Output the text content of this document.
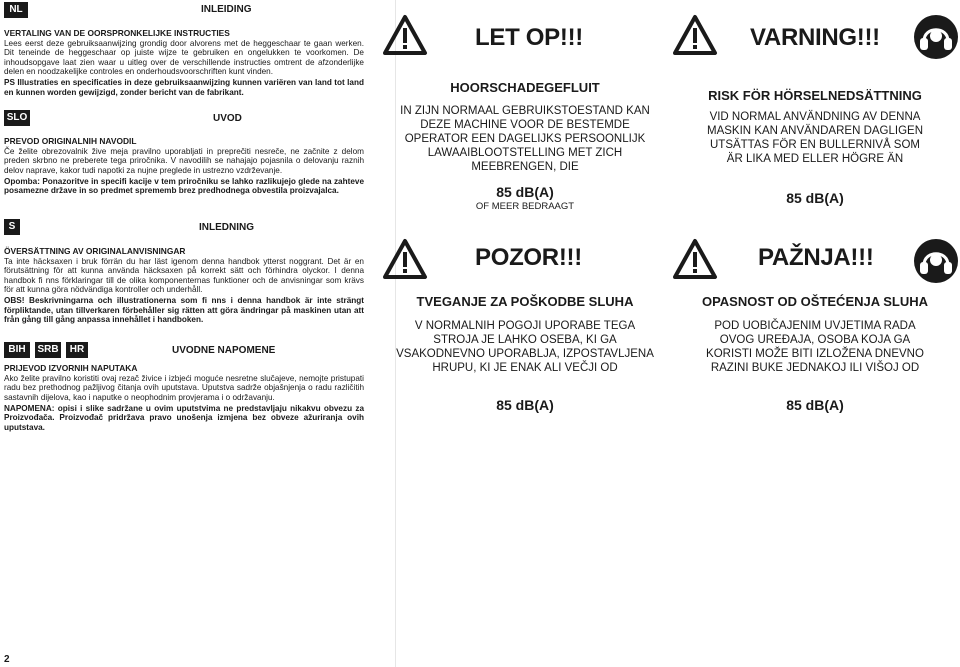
NL	INLEIDING
VERTALING VAN DE OORSPRONKELIJKE INSTRUCTIES

Lees eerst deze gebruiksaanwijzing grondig door alvorens met de heggeschaar te gaan werken. Dit teneinde de heggeschaar op juiste wijze te gebruiken en ongelukken te voorkomen. De inhoudsopgave laat zien waar u uitleg over de verschillende instructies omtrent de afzonderlijke delen en noodzakelijke controles en onderhoudsvoorschriften kunt vinden.

PS Illustraties en specificaties in deze gebruiksaanwijzing kunnen variëren van land tot land en kunnen worden gewijzigd, zonder bericht van de fabrikant.

SLO	UVOD
PREVOD ORIGINALNIH NAVODIL

Če želite obrezovalnik žive meja pravilno uporabljati in preprečiti nesreče, ne začnite z delom preden skrbno ne preberete tega priročnika. V navodilih se nahajajo pojasnila o delovanju raznih delov naprave, kakor tudi napotki za nujne preglede in ustrezno vzdrževanje.

Opomba: Ponazoritve in specifi kacije v tem priročniku se lahko razlikujejo glede na zahteve posamezne države in so predmet sprememb brez predhodnega obvestila proizvajalca.

S	INLEDNING
ÖVERSÄTTNING AV ORIGINALANVISNINGAR

Ta inte häcksaxen i bruk förrän du har läst igenom denna handbok ytterst noggrant. Det är en förutsättning för att kunna använda häcksaxen på korrekt sätt och förhindra olyckor. I denna handbok fi nns förklaringar till de olika komponenternas funktioner och de anvisningar som krävs för att kunna göra nödvändiga kontroller och underhåll.

OBS! Beskrivningarna och illustrationerna som fi nns i denna handbok är inte strängt förpliktande, utan tillverkaren förbehåller sig rätten att göra ändringar på maskinen utan att från gång till gång anpassa innehållet i handboken.

BIH	SRB	HR	UVODNE NAPOMENE
PRIJEVOD IZVORNIH NAPUTAKA

Ako želite pravilno koristiti ovaj rezač živice i izbjeći moguće nesretne slučajeve, nemojte pristupati radu bez prethodnog pažljivog čitanja ovih uputstava. Uputstva sadrže objašnjenja o radu različitih sastavnih dijelova, kao i naputke o neophodnim provjerama i o održavanju.

NAPOMENA: opisi i slike sadržane u ovim uputstvima ne predstavljaju nikakvu obvezu za Proizvođača. Proizvođač pridržava pravo unošenja izmjena bez obveze ažuriranja ovih uputstava.

2
LET OP!!!
HOORSCHADEGEFLUIT
IN ZIJN NORMAAL GEBRUIKSTOESTAND KAN
DEZE MACHINE VOOR DE BESTEMDE
OPERATOR EEN DAGELIJKS PERSOONLIJK
LAWAAIBLOOTSTELLING MET ZICH
MEEBRENGEN, DIE
85 dB(A)
OF MEER BEDRAAGT
VARNING!!!
RISK FÖR HÖRSELNEDSÄTTNING
VID NORMAL ANVÄNDNING AV DENNA
MASKIN KAN ANVÄNDAREN DAGLIGEN
UTSÄTTAS FÖR EN BULLERNIVÅ SOM
ÄR LIKA MED ELLER HÖGRE ÄN
85 dB(A)
POZOR!!!
TVEGANJE ZA POŠKODBE SLUHA
V NORMALNIH POGOJI UPORABE TEGA
STROJA JE LAHKO OSEBA, KI GA
VSAKODNEVNO UPORABLJA, IZPOSTAVLJENA
HRUPU, KI JE ENAK ALI VEČJI OD
85 dB(A)
PAŽNJA!!!
OPASNOST OD OŠTEĆENJA SLUHA
POD UOBIČAJENIM UVJETIMA RADA
OVOG UREĐAJA, OSOBA KOJA GA
KORISTI MOŽE BITI IZLOŽENA DNEVNO
RAZINI BUKE JEDNAKOJ ILI VIŠOJ OD
85 dB(A)
